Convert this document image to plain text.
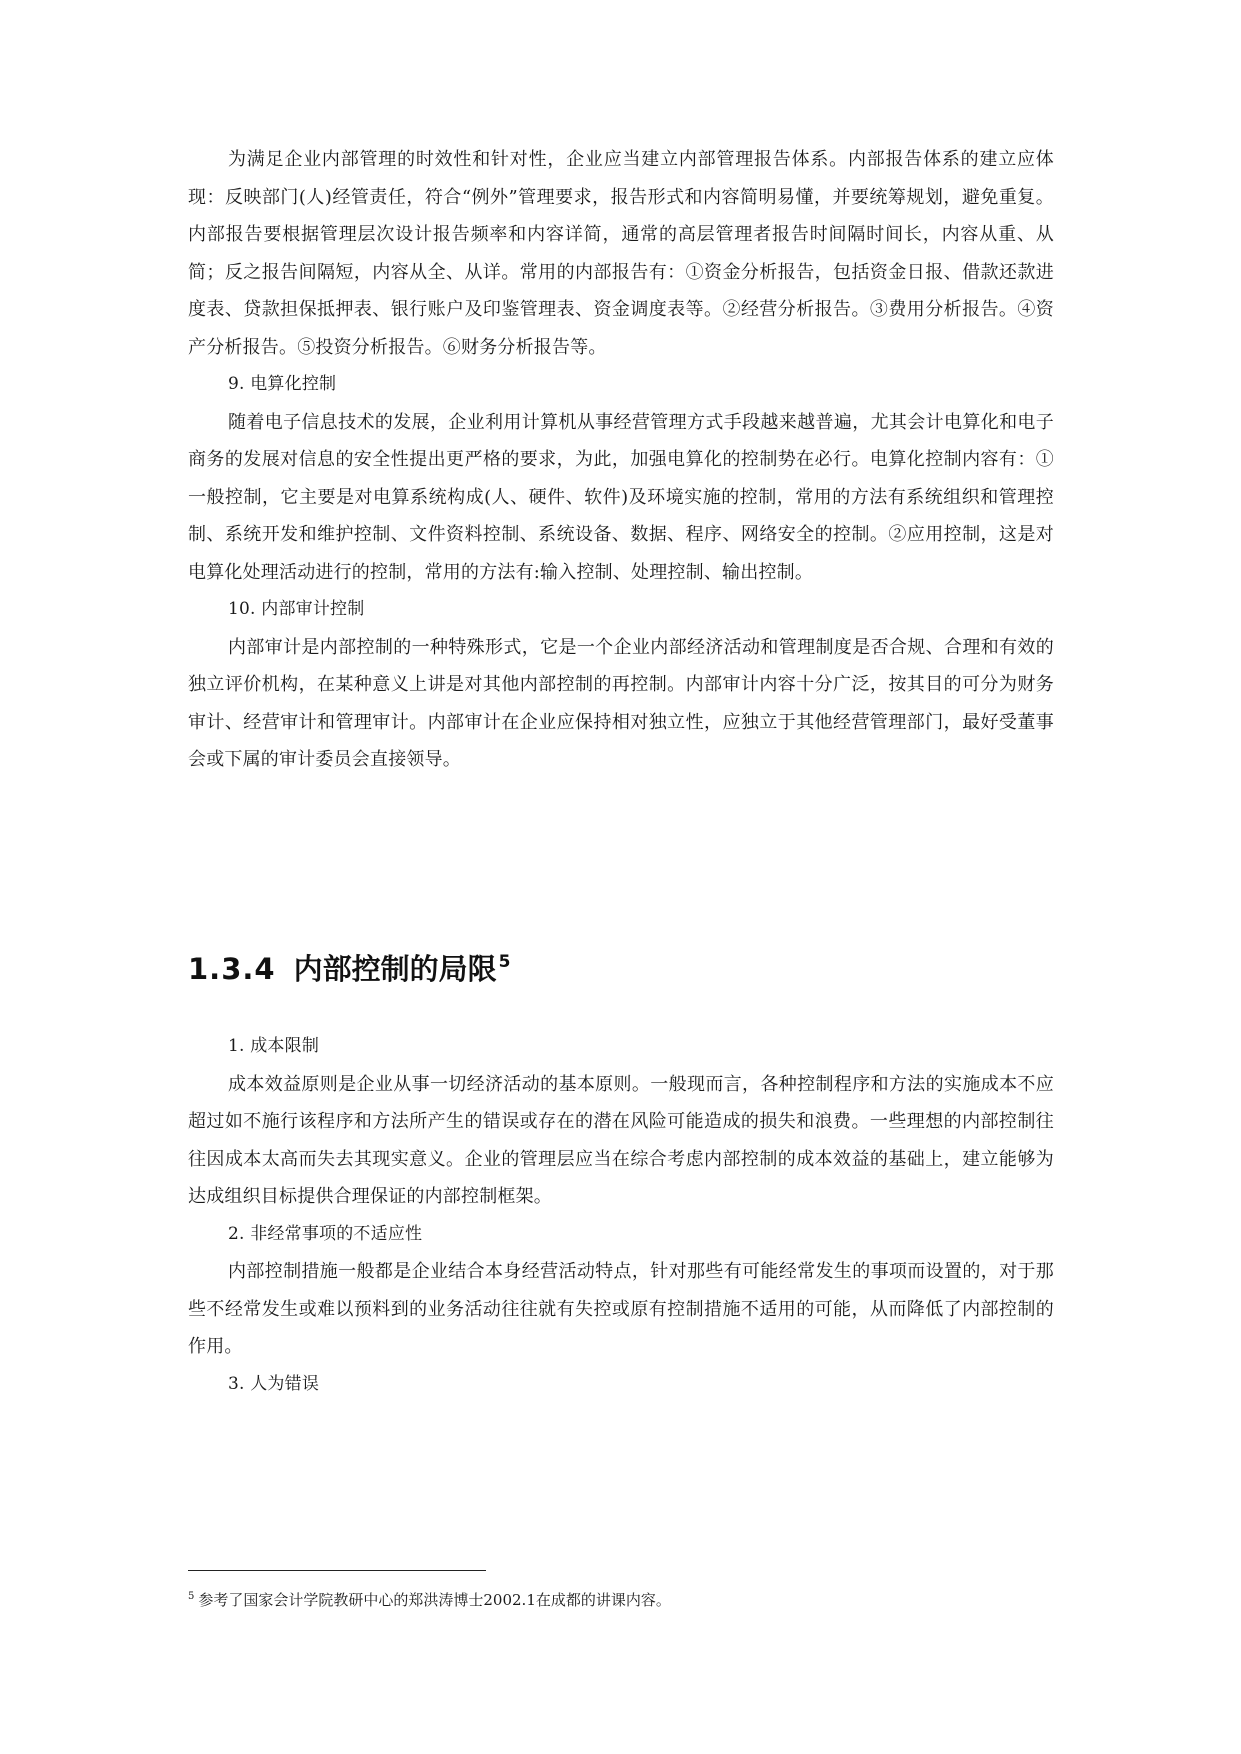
为满足企业内部管理的时效性和针对性，企业应当建立内部管理报告体系。内部报告体系的建立应体现：反映部门(人)经管责任，符合“例外”管理要求，报告形式和内容简明易懂，并要统筹规划，避免重复。内部报告要根据管理层次设计报告频率和内容详简，通常的高层管理者报告时间隔时间长，内容从重、从简；反之报告间隔短，内容从全、从详。常用的内部报告有：①资金分析报告，包括资金日报、借款还款进度表、贷款担保抵押表、银行账户及印鉴管理表、资金调度表等。②经营分析报告。③费用分析报告。④资产分析报告。⑤投资分析报告。⑥财务分析报告等。

9. 电算化控制

随着电子信息技术的发展，企业利用计算机从事经营管理方式手段越来越普遍，尤其会计电算化和电子商务的发展对信息的安全性提出更严格的要求，为此，加强电算化的控制势在必行。电算化控制内容有：①一般控制，它主要是对电算系统构成(人、硬件、软件)及环境实施的控制，常用的方法有系统组织和管理控制、系统开发和维护控制、文件资料控制、系统设备、数据、程序、网络安全的控制。②应用控制，这是对电算化处理活动进行的控制，常用的方法有:输入控制、处理控制、输出控制。

10. 内部审计控制

内部审计是内部控制的一种特殊形式，它是一个企业内部经济活动和管理制度是否合规、合理和有效的独立评价机构，在某种意义上讲是对其他内部控制的再控制。内部审计内容十分广泛，按其目的可分为财务审计、经营审计和管理审计。内部审计在企业应保持相对独立性，应独立于其他经营管理部门，最好受董事会或下属的审计委员会直接领导。

1.3.4 内部控制的局限 $^5$

1. 成本限制

成本效益原则是企业从事一切经济活动的基本原则。一般现而言，各种控制程序和方法的实施成本不应超过如不施行该程序和方法所产生的错误或存在的潜在风险可能造成的损失和浪费。一些理想的内部控制往往因成本太高而失去其现实意义。企业的管理层应当在综合考虑内部控制的成本效益的基础上，建立能够为达成组织目标提供合理保证的内部控制框架。

2. 非经常事项的不适应性

内部控制措施一般都是企业结合本身经营活动特点，针对那些有可能经常发生的事项而设置的，对于那些不经常发生或难以预料到的业务活动往往就有失控或原有控制措施不适用的可能，从而降低了内部控制的作用。

3. 人为错误

$^5$ 参考了国家会计学院教研中心的郑洪涛博士2002.1在成都的讲课内容。
